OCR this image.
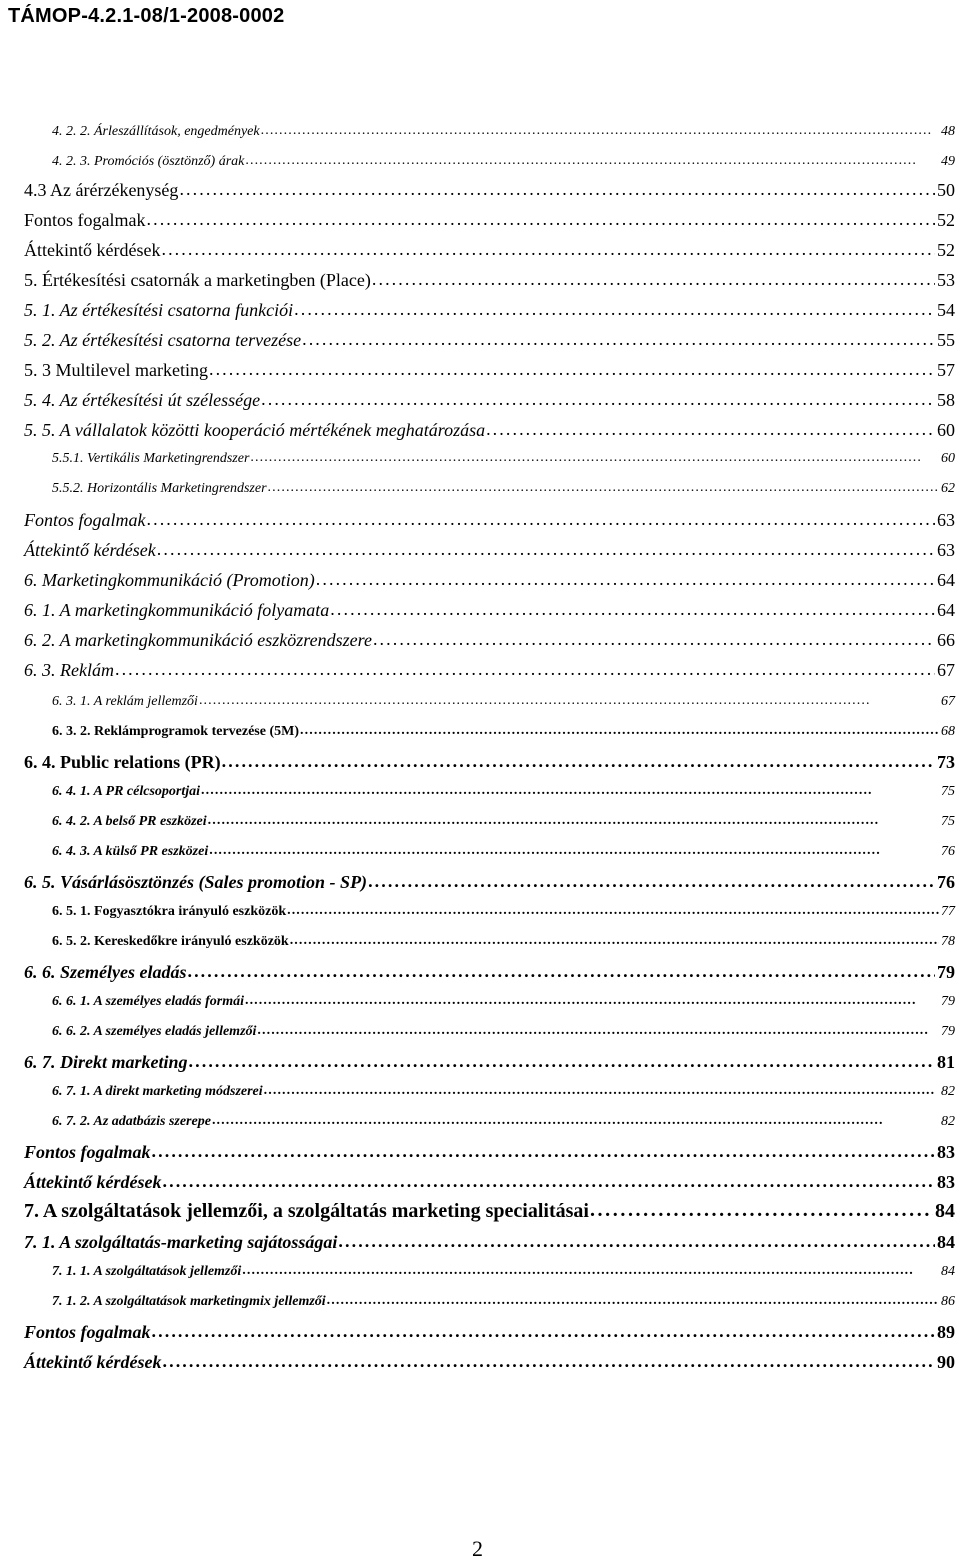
TÁMOP-4.2.1-08/1-2008-0002
4. 2. 2. Árleszállítások, engedmények . . .	48
4. 2. 3. Promóciós (ösztönző) árak . . .	49
4.3 Az árérzékenység . . .	50
Fontos fogalmak . . .	52
Áttekintő kérdések . . .	52
5. Értékesítési csatornák a marketingben (Place) . . .	53
5. 1. Az értékesítési csatorna funkciói . . .	54
5. 2. Az értékesítési csatorna tervezése . . .	55
5. 3 Multilevel marketing . . .	57
5. 4. Az értékesítési út szélessége . . .	58
5. 5. A vállalatok közötti kooperáció mértékének meghatározása . . .	60
5.5.1. Vertikális Marketingrendszer . . .	60
5.5.2. Horizontális Marketingrendszer . . .	62
Fontos fogalmak . . .	63
Áttekintő kérdések . . .	63
6. Marketingkommunikáció (Promotion) . . .	64
6. 1. A marketingkommunikáció folyamata . . .	64
6. 2. A marketingkommunikáció eszközrendszere . . .	66
6. 3. Reklám . . .	67
6. 3. 1. A reklám jellemzői . . .	67
6. 3. 2. Reklámprogramok tervezése (5M) . . .	68
6. 4. Public relations (PR) . . .	73
6. 4. 1. A PR célcsoportjai . . .	75
6. 4. 2. A belső PR eszközei . . .	75
6. 4. 3. A külső PR eszközei . . .	76
6. 5. Vásárlásösztönzés (Sales promotion - SP) . . .	76
6. 5. 1. Fogyasztókra irányuló eszközök . . .	77
6. 5. 2. Kereskedőkre irányuló eszközök . . .	78
6. 6. Személyes eladás . . .	79
6. 6. 1. A személyes eladás formái . . .	79
6. 6. 2. A személyes eladás jellemzői . . .	79
6. 7. Direkt marketing . . .	81
6. 7. 1. A direkt marketing módszerei . . .	82
6. 7. 2. Az adatbázis szerepe . . .	82
Fontos fogalmak . . .	83
Áttekintő kérdések . . .	83
7. A szolgáltatások jellemzői, a szolgáltatás marketing specialitásai . . .	84
7. 1. A szolgáltatás-marketing sajátosságai . . .	84
7. 1. 1. A szolgáltatások jellemzői . . .	84
7. 1. 2. A szolgáltatások marketingmix jellemzői . . .	86
Fontos fogalmak . . .	89
Áttekintő kérdések . . .	90
2
